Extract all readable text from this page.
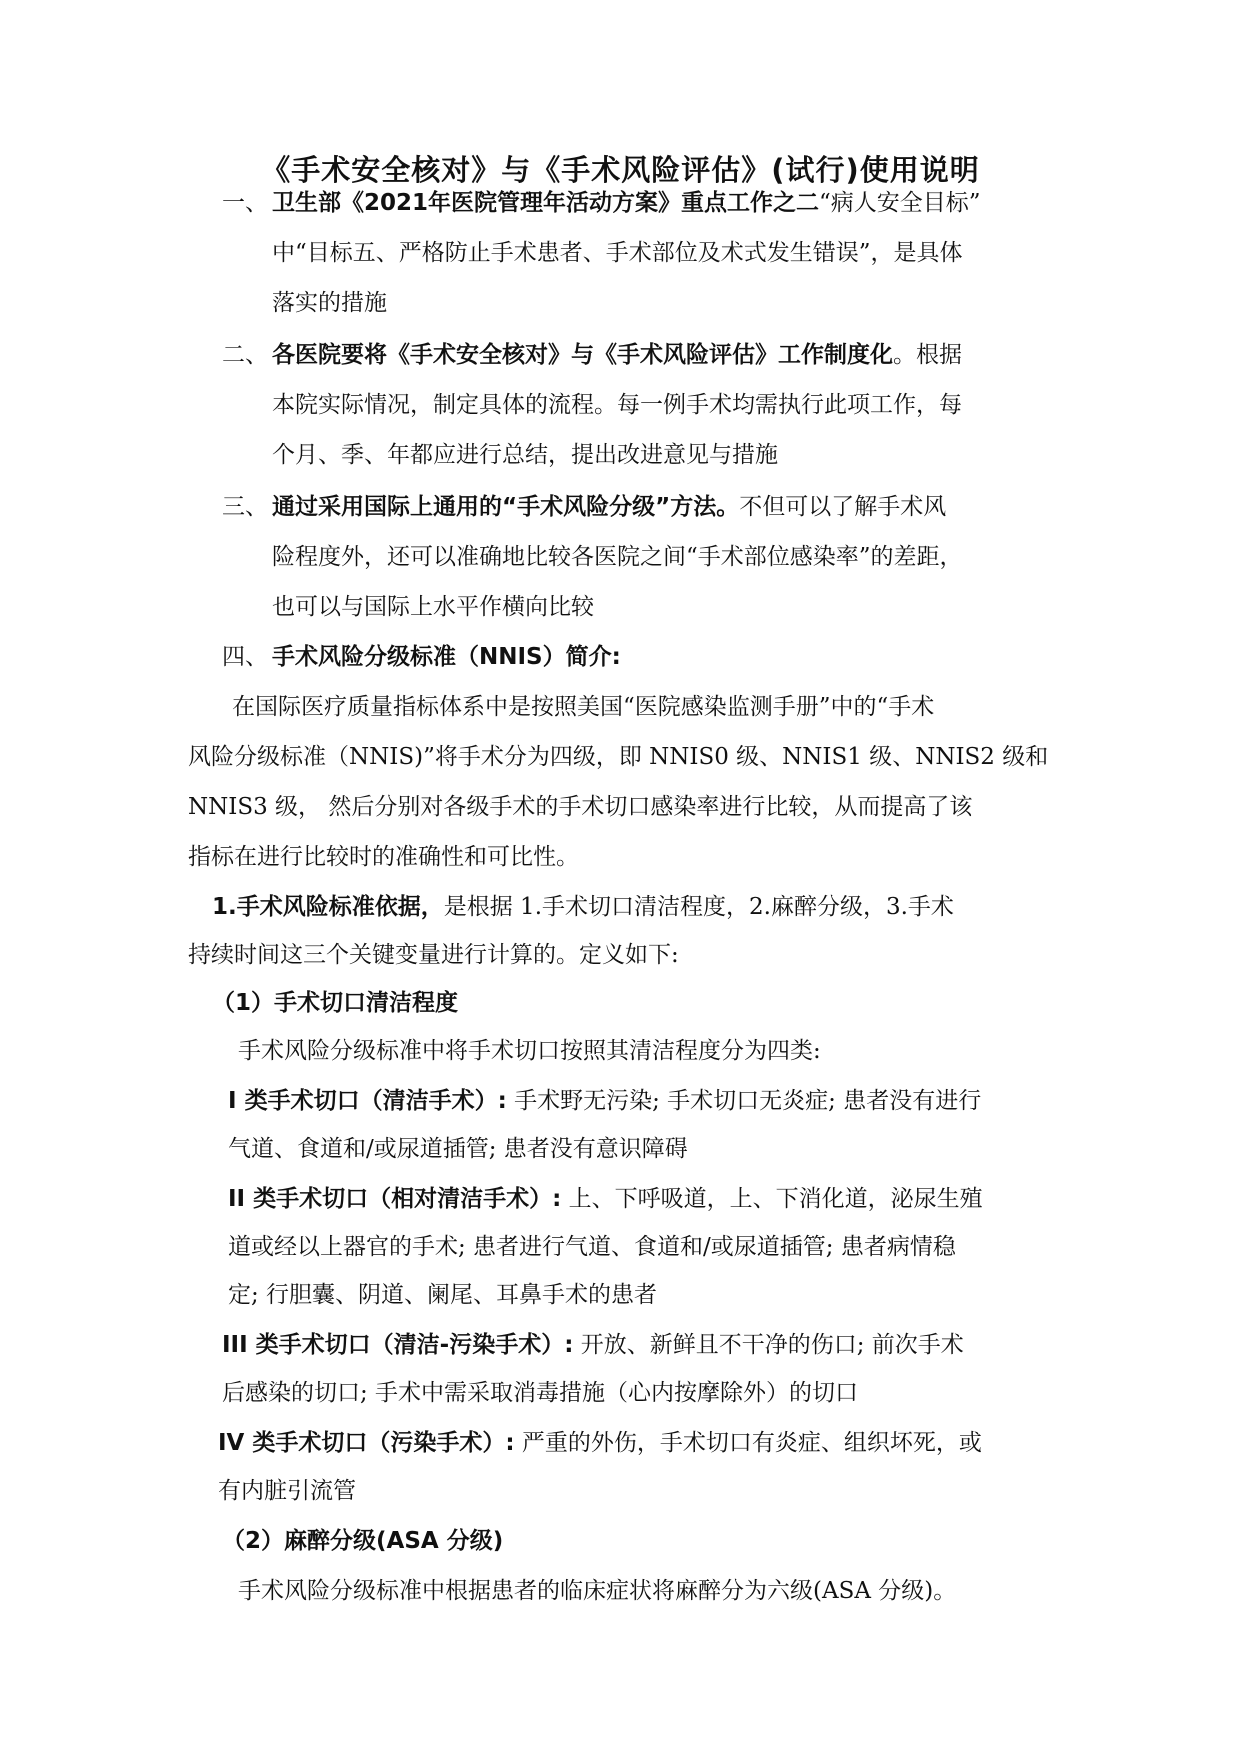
《手术安全核对》与《手术风险评估》(试行)使用说明
一、 卫生部《2021年医院管理年活动方案》重点工作之二“病人安全目标”
中“目标五、严格防止手术患者、手术部位及术式发生错误”，是具体
落实的措施
二、 各医院要将《手术安全核对》与《手术风险评估》工作制度化。根据
本院实际情况，制定具体的流程。每一例手术均需执行此项工作，每
个月、季、年都应进行总结，提出改进意见与措施
三、 通过采用国际上通用的“手术风险分级”方法。不但可以了解手术风
险程度外，还可以准确地比较各医院之间“手术部位感染率”的差距，
也可以与国际上水平作横向比较
四、 手术风险分级标准（NNIS）简介:
在国际医疗质量指标体系中是按照美国“医院感染监测手册”中的“手术
风险分级标准（NNIS)”将手术分为四级，即 NNIS0 级、NNIS1 级、NNIS2 级和
NNIS3 级， 然后分别对各级手术的手术切口感染率进行比较，从而提高了该
指标在进行比较时的准确性和可比性。
1.手术风险标准依据，是根据 1.手术切口清洁程度，2.麻醉分级，3.手术
持续时间这三个关键变量进行计算的。定义如下:
（1）手术切口清洁程度
手术风险分级标准中将手术切口按照其清洁程度分为四类:
I 类手术切口（清洁手术）: 手术野无污染; 手术切口无炎症; 患者没有进行
气道、食道和/或尿道插管; 患者没有意识障碍
II 类手术切口（相对清洁手术）: 上、下呼吸道，上、下消化道，泌尿生殖
道或经以上器官的手术; 患者进行气道、食道和/或尿道插管; 患者病情稳
定; 行胆囊、阴道、阑尾、耳鼻手术的患者
III 类手术切口（清洁-污染手术）: 开放、新鲜且不干净的伤口; 前次手术
后感染的切口; 手术中需采取消毒措施（心内按摩除外）的切口
IV 类手术切口（污染手术）: 严重的外伤，手术切口有炎症、组织坏死，或
有内脏引流管
（2）麻醉分级(ASA 分级)
手术风险分级标准中根据患者的临床症状将麻醉分为六级(ASA 分级)。
